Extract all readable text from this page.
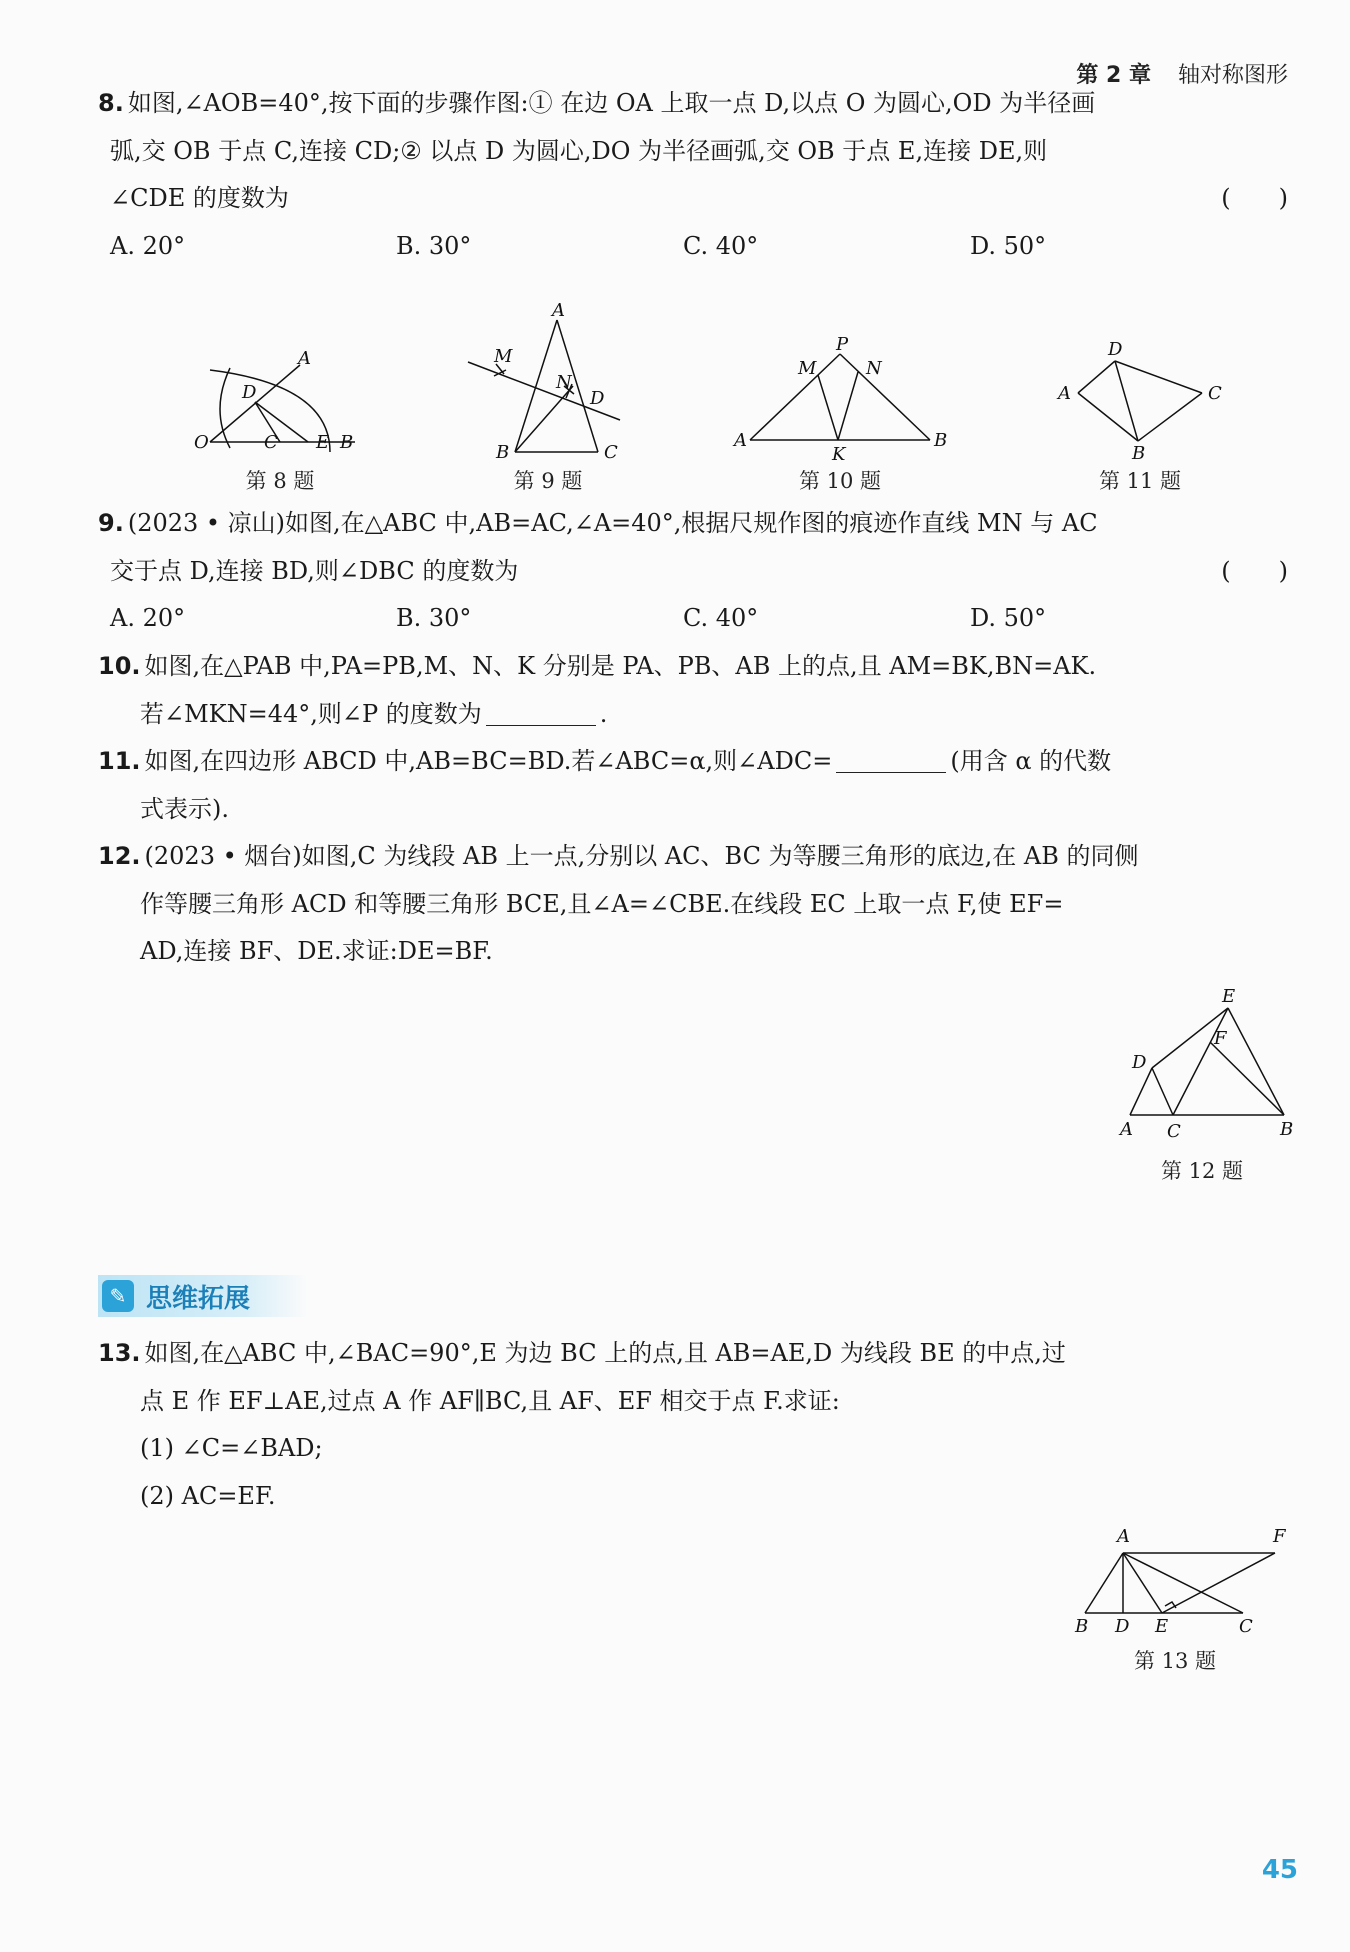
第 2 章 轴对称图形
8. 如图,∠AOB=40°,按下面的步骤作图:① 在边 OA 上取一点 D,以点 O 为圆心,OD 为半径画
弧,交 OB 于点 C,连接 CD;② 以点 D 为圆心,DO 为半径画弧,交 OB 于点 E,连接 DE,则
∠CDE 的度数为	(　　)
A. 20°	B. 30°	C. 40°	D. 50°
A
D
O	C E B
第 8 题
A
M
N
D
B	C
第 9 题
P
M	N
A
K
B
第 10 题
D
A	C
B
第 11 题
9. (2023 • 凉山)如图,在△ABC 中,AB=AC,∠A=40°,根据尺规作图的痕迹作直线 MN 与 AC
交于点 D,连接 BD,则∠DBC 的度数为	(　　)
A. 20°	B. 30°	C. 40°	D. 50°
10. 如图,在△PAB 中,PA=PB,M、N、K 分别是 PA、PB、AB 上的点,且 AM=BK,BN=AK.
若∠MKN=44°,则∠P 的度数为	.
11. 如图,在四边形 ABCD 中,AB=BC=BD.若∠ABC=α,则∠ADC=	(用含 α 的代数
式表示).
12. (2023 • 烟台)如图,C 为线段 AB 上一点,分别以 AC、BC 为等腰三角形的底边,在 AB 的同侧
作等腰三角形 ACD 和等腰三角形 BCE,且∠A=∠CBE.在线段 EC 上取一点 F,使 EF=
AD,连接 BF、DE.求证:DE=BF.
E
F
D
A C	B
第 12 题
✎ 思维拓展
13. 如图,在△ABC 中,∠BAC=90°,E 为边 BC 上的点,且 AB=AE,D 为线段 BE 的中点,过
点 E 作 EF⊥AE,过点 A 作 AF∥BC,且 AF、EF 相交于点 F.求证:
(1) ∠C=∠BAD;
(2) AC=EF.
A	F
B D E	C
第 13 题
45
